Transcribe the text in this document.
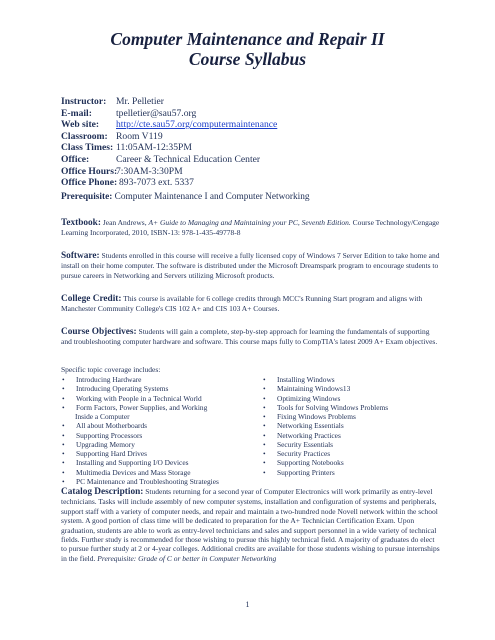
Computer Maintenance and Repair II
Course Syllabus
Instructor:	Mr. Pelletier
E-mail:	tpelletier@sau57.org
Web site:	http://cte.sau57.org/computermaintenance
Classroom: Room V119
Class Times: 11:05AM-12:35PM
Office:	Career & Technical Education Center
Office Hours:
7:30AM-3:30PM
Office Phone: 893-7073 ext. 5337
Prerequisite: Computer Maintenance I and Computer Networking
Textbook: Jean Andrews, A+ Guide to Managing and Maintaining your PC, Seventh Edition. Course Technology/Cengage Learning Incorporated, 2010, ISBN-13: 978-1-435-49778-8
Software: Students enrolled in this course will receive a fully licensed copy of Windows 7 Server Edition to take home and install on their home computer. The software is distributed under the Microsoft Dreamspark program to encourage students to pursue careers in Networking and Servers utilizing Microsoft products.
College Credit: This course is available for 6 college credits through MCC's Running Start program and aligns with Manchester Community College's CIS 102 A+ and CIS 103 A+ Courses.
Course Objectives: Students will gain a complete, step-by-step approach for learning the fundamentals of supporting and troubleshooting computer hardware and software. This course maps fully to CompTIA's latest 2009 A+ Exam objectives.
Specific topic coverage includes:
•	Introducing Hardware
•	Introducing Operating Systems
•	Working with People in a Technical World
•	Form Factors, Power Supplies, and Working
Inside a Computer
•	All about Motherboards
•	Supporting Processors
•	Upgrading Memory
•	Supporting Hard Drives
•	Installing and Supporting I/O Devices
•	Multimedia Devices and Mass Storage
•	PC Maintenance and Troubleshooting Strategies
•	Installing Windows
•	Maintaining Windows13
•	Optimizing Windows
•	Tools for Solving Windows Problems
•	Fixing Windows Problems
•	Networking Essentials
•	Networking Practices
•	Security Essentials
•	Security Practices
•	Supporting Notebooks
•	Supporting Printers
Catalog Description: Students returning for a second year of Computer Electronics will work primarily as entry-level technicians. Tasks will include assembly of new computer systems, installation and configuration of systems and peripherals, support staff with a variety of computer needs, and repair and maintain a two-hundred node Novell network within the school system. A good portion of class time will be dedicated to preparation for the A+ Technician Certification Exam. Upon graduation, students are able to work as entry-level technicians and sales and support personnel in a wide variety of technical fields. Further study is recommended for those wishing to pursue this highly technical field. A majority of graduates do elect to pursue further study at 2 or 4-year colleges. Additional credits are available for those students wishing to pursue internships in the field. Prerequisite: Grade of C or better in Computer Networking
1
